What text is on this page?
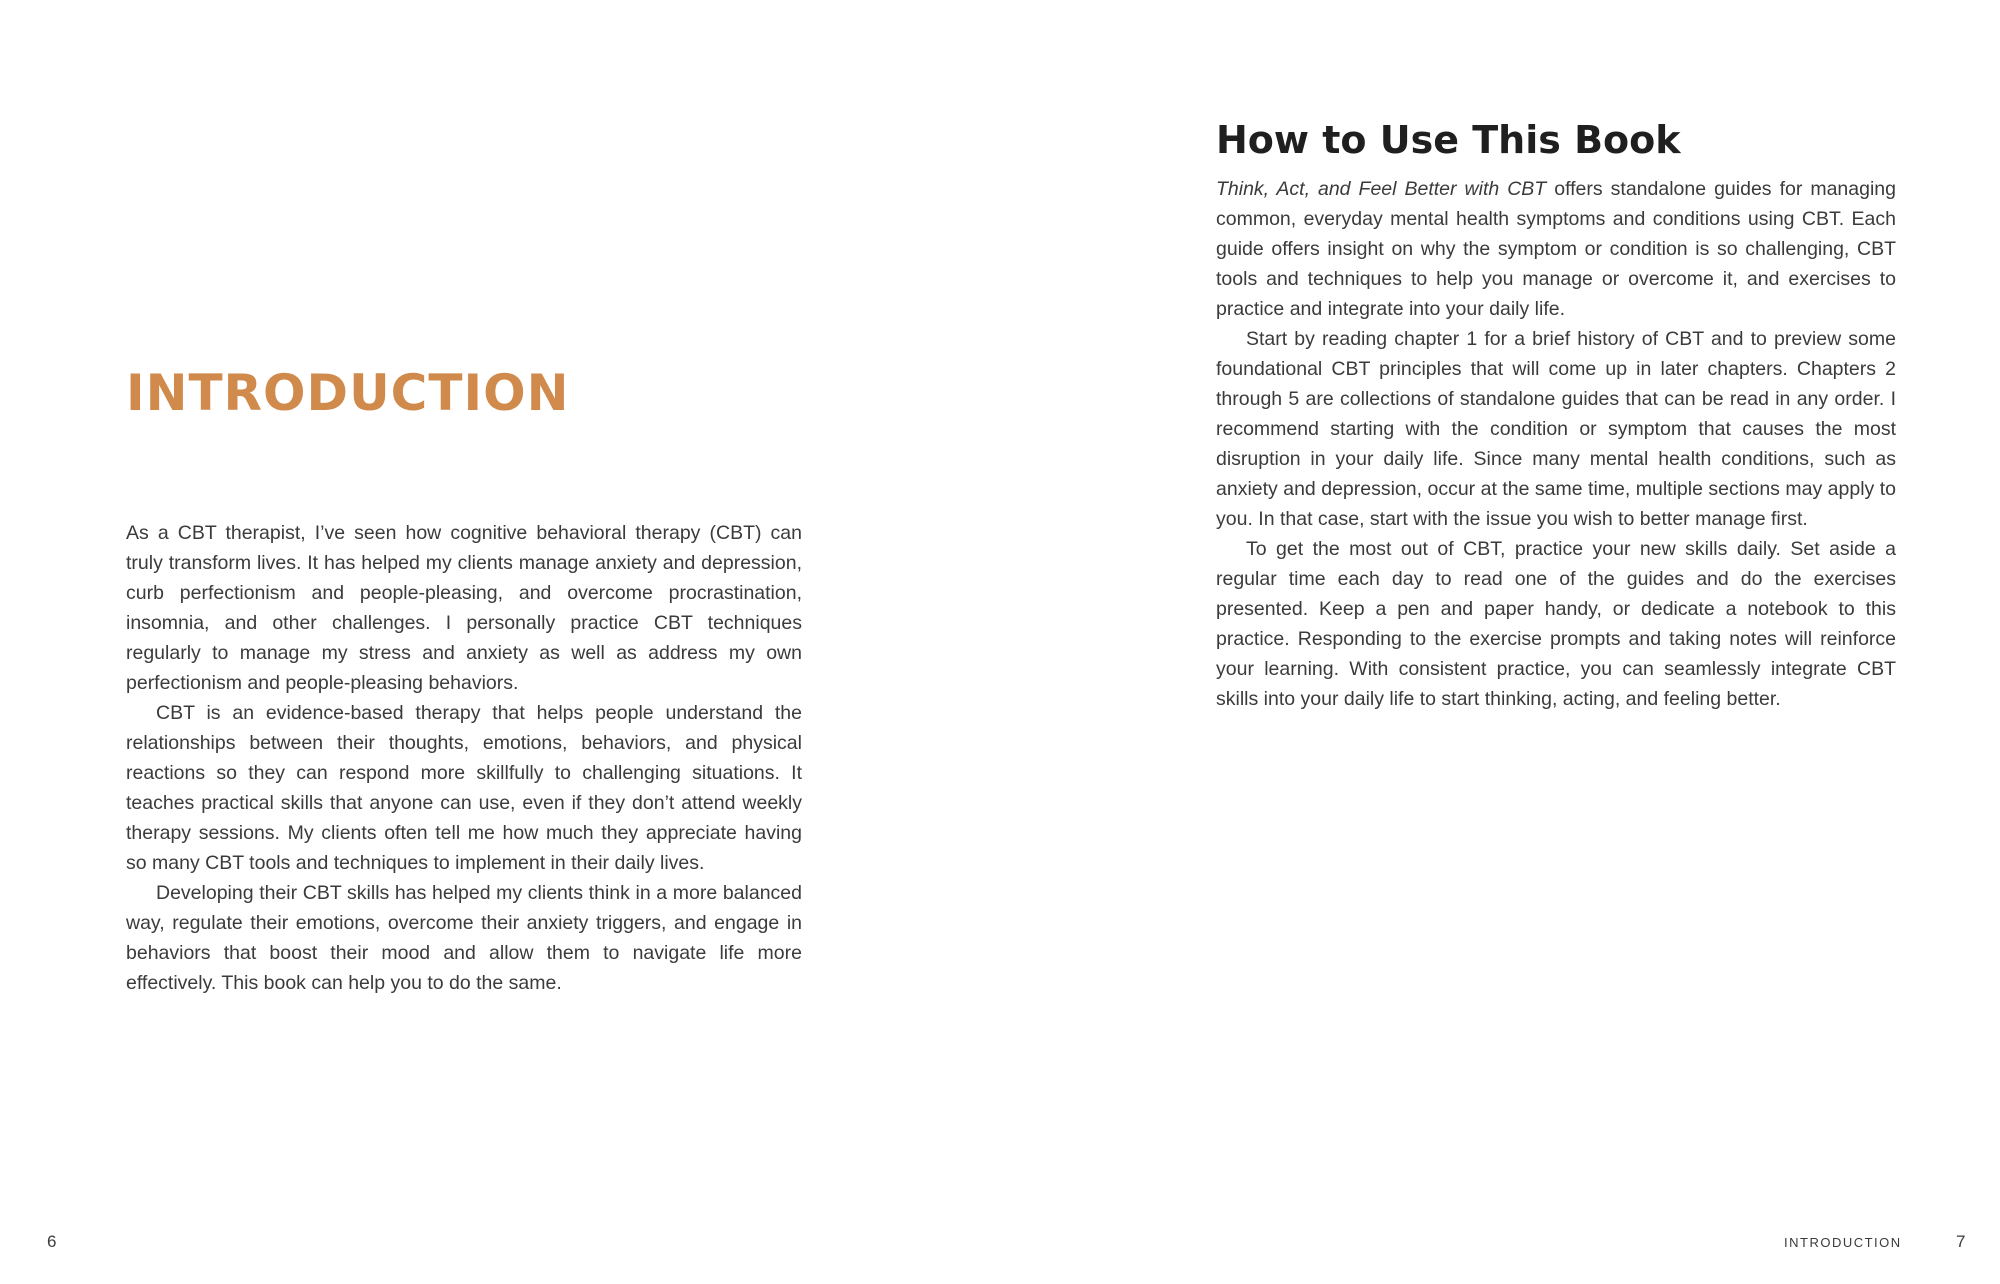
INTRODUCTION

As a CBT therapist, I’ve seen how cognitive behavioral therapy (CBT) can truly transform lives. It has helped my clients manage anxiety and depression, curb perfectionism and people-pleasing, and overcome procrastination, insomnia, and other challenges. I personally practice CBT techniques regularly to manage my stress and anxiety as well as address my own perfectionism and people-pleasing behaviors.

CBT is an evidence-based therapy that helps people understand the relationships between their thoughts, emotions, behaviors, and physical reactions so they can respond more skillfully to challenging situations. It teaches practical skills that anyone can use, even if they don’t attend weekly therapy sessions. My clients often tell me how much they appreciate having so many CBT tools and techniques to implement in their daily lives.

Developing their CBT skills has helped my clients think in a more balanced way, regulate their emotions, overcome their anxiety triggers, and engage in behaviors that boost their mood and allow them to navigate life more effectively. This book can help you to do the same.

6
How to Use This Book

Think, Act, and Feel Better with CBT offers standalone guides for managing common, everyday mental health symptoms and conditions using CBT. Each guide offers insight on why the symptom or condition is so challenging, CBT tools and techniques to help you manage or overcome it, and exercises to practice and integrate into your daily life.

Start by reading chapter 1 for a brief history of CBT and to preview some foundational CBT principles that will come up in later chapters. Chapters 2 through 5 are collections of standalone guides that can be read in any order. I recommend starting with the condition or symptom that causes the most disruption in your daily life. Since many mental health conditions, such as anxiety and depression, occur at the same time, multiple sections may apply to you. In that case, start with the issue you wish to better manage first.

To get the most out of CBT, practice your new skills daily. Set aside a regular time each day to read one of the guides and do the exercises presented. Keep a pen and paper handy, or dedicate a notebook to this practice. Responding to the exercise prompts and taking notes will reinforce your learning. With consistent practice, you can seamlessly integrate CBT skills into your daily life to start thinking, acting, and feeling better.

INTRODUCTION	7
